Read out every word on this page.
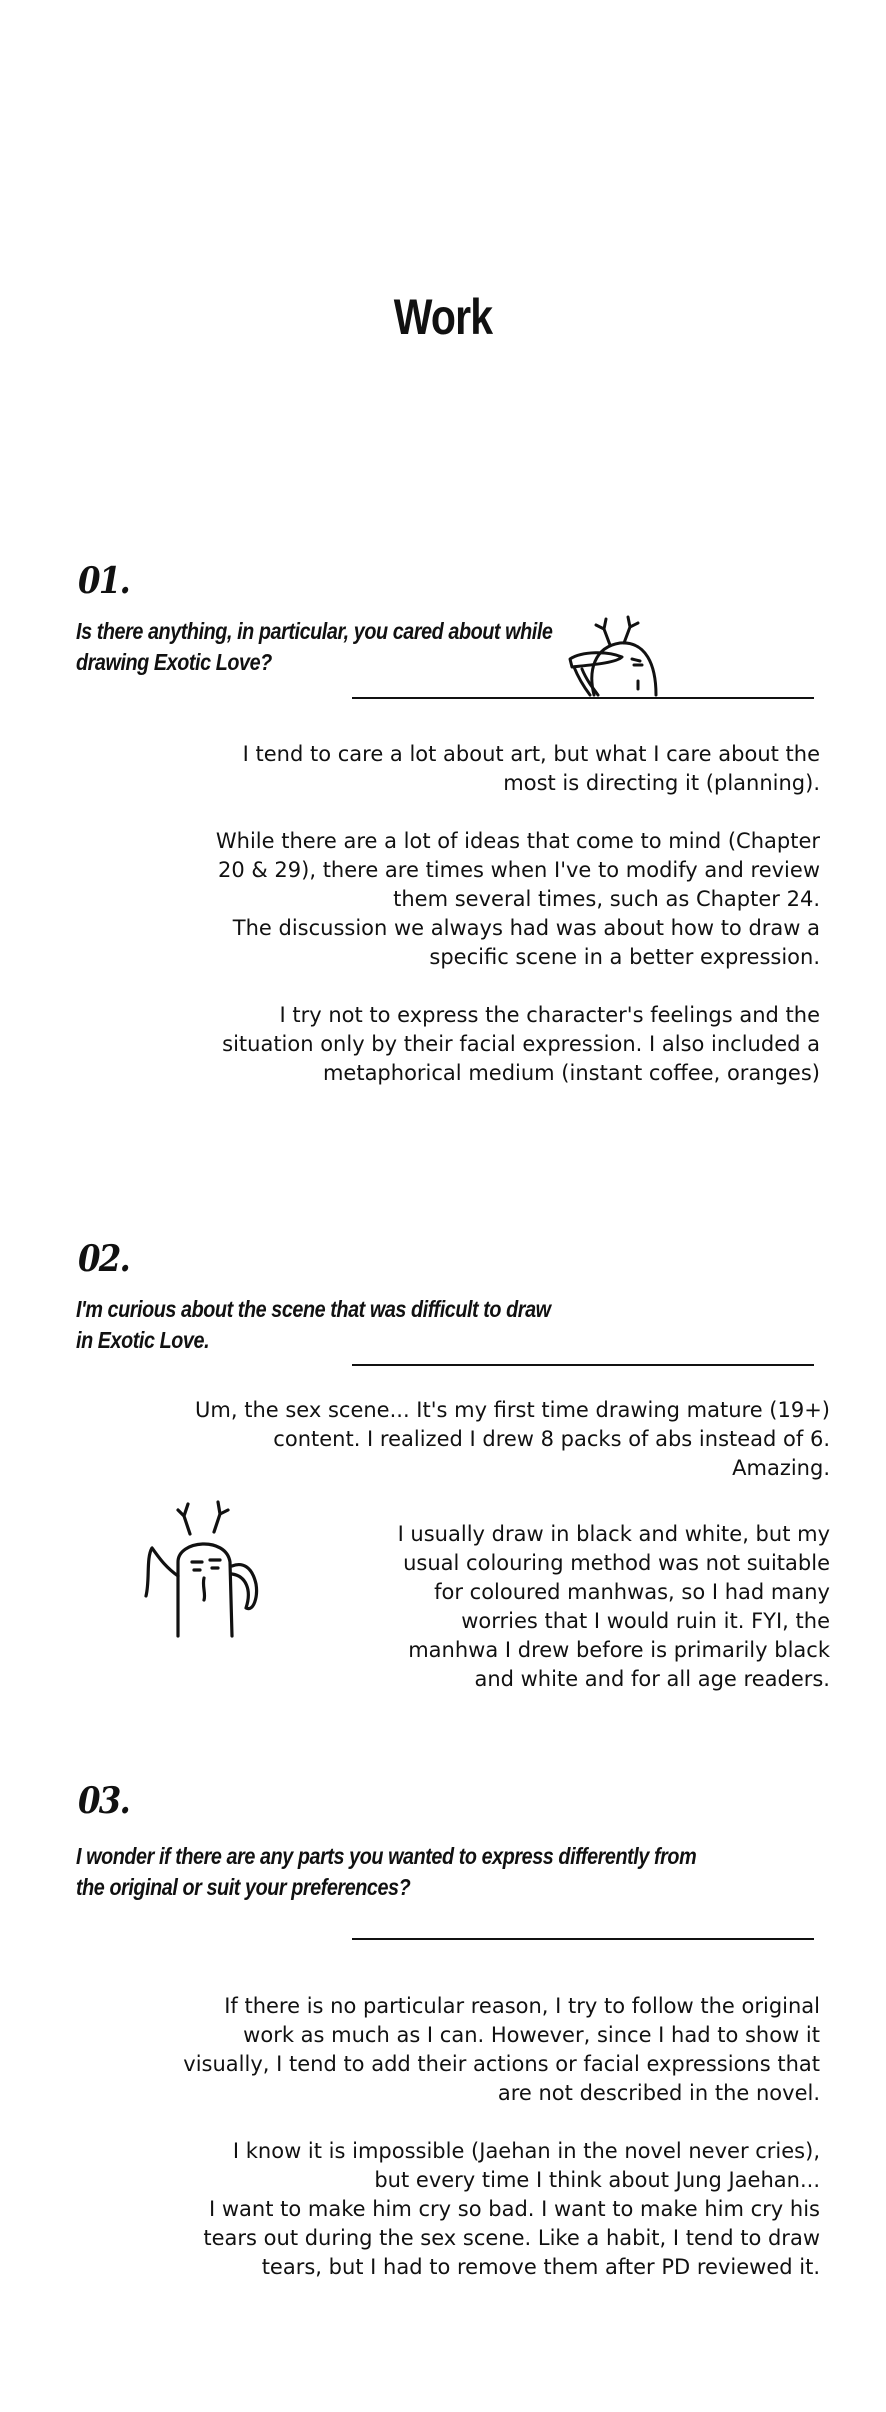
Work
01.
Is there anything, in particular, you cared about while
drawing Exotic Love?

I tend to care a lot about art, but what I care about the
most is directing it (planning).

While there are a lot of ideas that come to mind (Chapter
20 & 29), there are times when I've to modify and review
them several times, such as Chapter 24.
The discussion we always had was about how to draw a
specific scene in a better expression.

I try not to express the character's feelings and the
situation only by their facial expression. I also included a
metaphorical medium (instant coffee, oranges)

02.
I'm curious about the scene that was difficult to draw
in Exotic Love.

Um, the sex scene... It's my first time drawing mature (19+)
content. I realized I drew 8 packs of abs instead of 6.
Amazing.

I usually draw in black and white, but my
usual colouring method was not suitable
for coloured manhwas, so I had many
worries that I would ruin it. FYI, the
manhwa I drew before is primarily black
and white and for all age readers.

03.
I wonder if there are any parts you wanted to express differently from
the original or suit your preferences?

If there is no particular reason, I try to follow the original
work as much as I can. However, since I had to show it
visually, I tend to add their actions or facial expressions that
are not described in the novel.

I know it is impossible (Jaehan in the novel never cries),
but every time I think about Jung Jaehan...
I want to make him cry so bad. I want to make him cry his
tears out during the sex scene. Like a habit, I tend to draw
tears, but I had to remove them after PD reviewed it.
